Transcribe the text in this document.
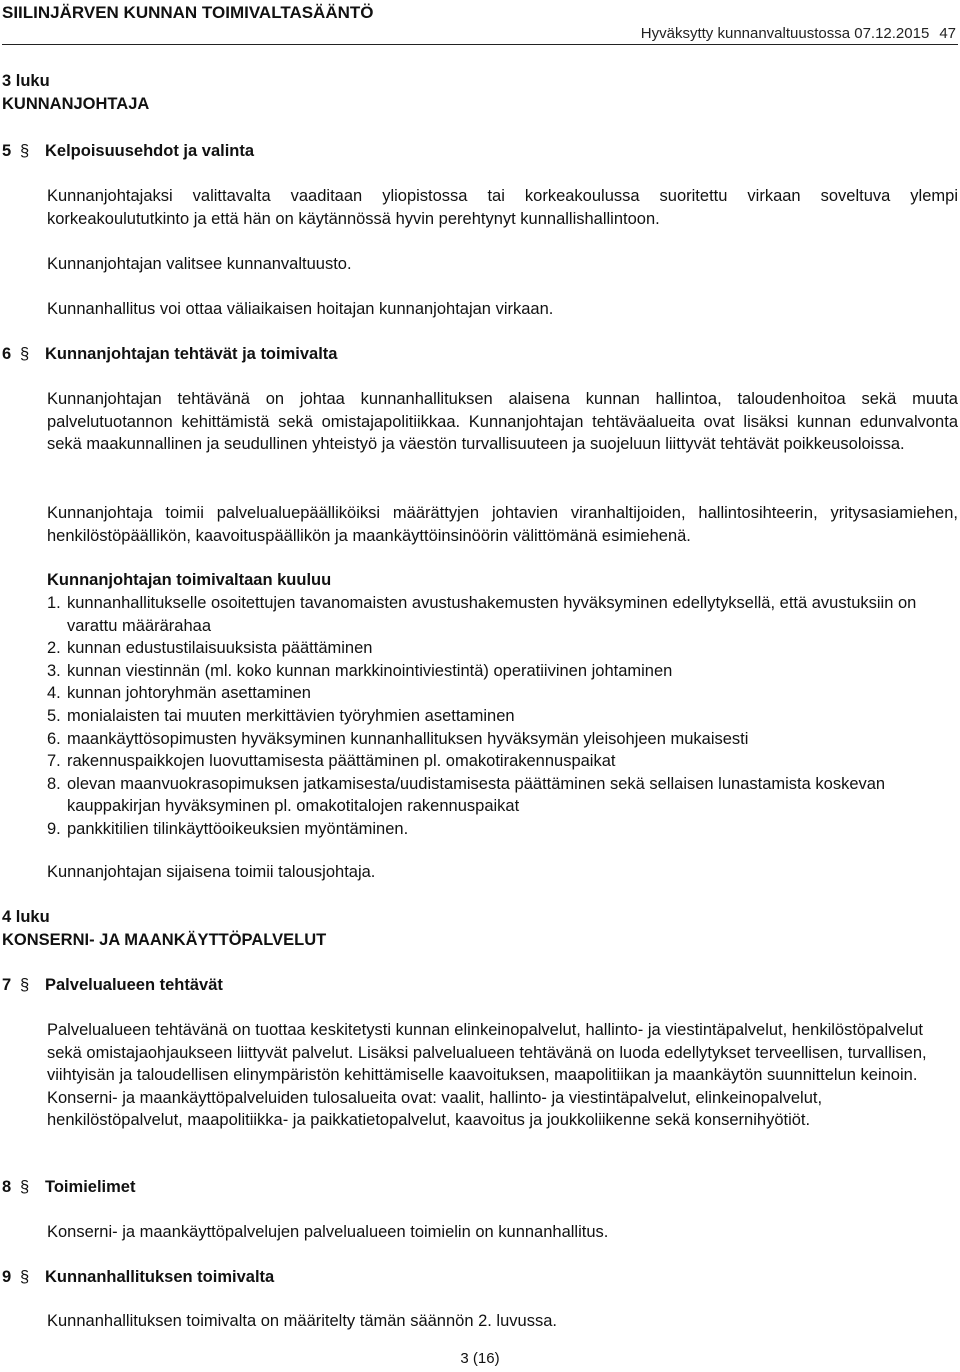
SIILINJÄRVEN KUNNAN TOIMIVALTASÄÄNTÖ
Hyväksytty kunnanvaltuustossa 07.12.2015 47
3 luku
KUNNANJOHTAJA
5 § Kelpoisuusehdot ja valinta
Kunnanjohtajaksi valittavalta vaaditaan yliopistossa tai korkeakoulussa suoritettu virkaan soveltuva ylempi korkeakoulututkinto ja että hän on käytännössä hyvin perehtynyt kunnallishallintoon.
Kunnanjohtajan valitsee kunnanvaltuusto.
Kunnanhallitus voi ottaa väliaikaisen hoitajan kunnanjohtajan virkaan.
6 § Kunnanjohtajan tehtävät ja toimivalta
Kunnanjohtajan tehtävänä on johtaa kunnanhallituksen alaisena kunnan hallintoa, taloudenhoitoa sekä muuta palvelutuotannon kehittämistä sekä omistajapolitiikkaa. Kunnanjohtajan tehtäväalueita ovat lisäksi kunnan edunvalvonta sekä maakunnallinen ja seudullinen yhteistyö ja väestön turvallisuuteen ja suojeluun liittyvät tehtävät poikkeusoloissa.
Kunnanjohtaja toimii palvelualuepäälliköiksi määrättyjen johtavien viranhaltijoiden, hallintosihteerin, yritysasiamiehen, henkilöstöpäällikön, kaavoituspäällikön ja maankäyttöinsinöörin välittömänä esimiehenä.
Kunnanjohtajan toimivaltaan kuuluu
1. kunnanhallitukselle osoitettujen tavanomaisten avustushakemusten hyväksyminen edellytyksellä, että avustuksiin on varattu määrärahaa
2. kunnan edustustilaisuuksista päättäminen
3. kunnan viestinnän (ml. koko kunnan markkinointiviestintä) operatiivinen johtaminen
4. kunnan johtoryhmän asettaminen
5. monialaisten tai muuten merkittävien työryhmien asettaminen
6. maankäyttösopimusten hyväksyminen kunnanhallituksen hyväksymän yleisohjeen mukaisesti
7. rakennuspaikkojen luovuttamisesta päättäminen pl. omakotirakennuspaikat
8. olevan maanvuokrasopimuksen jatkamisesta/uudistamisesta päättäminen sekä sellaisen lunastamista koskevan kauppakirjan hyväksyminen pl. omakotitalojen rakennuspaikat
9. pankkitilien tilinkäyttöoikeuksien myöntäminen.
Kunnanjohtajan sijaisena toimii talousjohtaja.
4 luku
KONSERNI- JA MAANKÄYTTÖPALVELUT
7 § Palvelualueen tehtävät
Palvelualueen tehtävänä on tuottaa keskitetysti kunnan elinkeinopalvelut, hallinto- ja viestintäpalvelut, henkilöstöpalvelut sekä omistajaohjaukseen liittyvät palvelut. Lisäksi palvelualueen tehtävänä on luoda edellytykset terveellisen, turvallisen, viihtyisän ja taloudellisen elinympäristön kehittämiselle kaavoituksen, maapolitiikan ja maankäytön suunnittelun keinoin. Konserni- ja maankäyttöpalveluiden tulosalueita ovat: vaalit, hallinto- ja viestintäpalvelut, elinkeinopalvelut, henkilöstöpalvelut, maapolitiikka- ja paikkatietopalvelut, kaavoitus ja joukkoliikenne sekä konsernihyötiöt.
8 § Toimielimet
Konserni- ja maankäyttöpalvelujen palvelualueen toimielin on kunnanhallitus.
9 § Kunnanhallituksen toimivalta
Kunnanhallituksen toimivalta on määritelty tämän säännön 2. luvussa.
3 (16)
